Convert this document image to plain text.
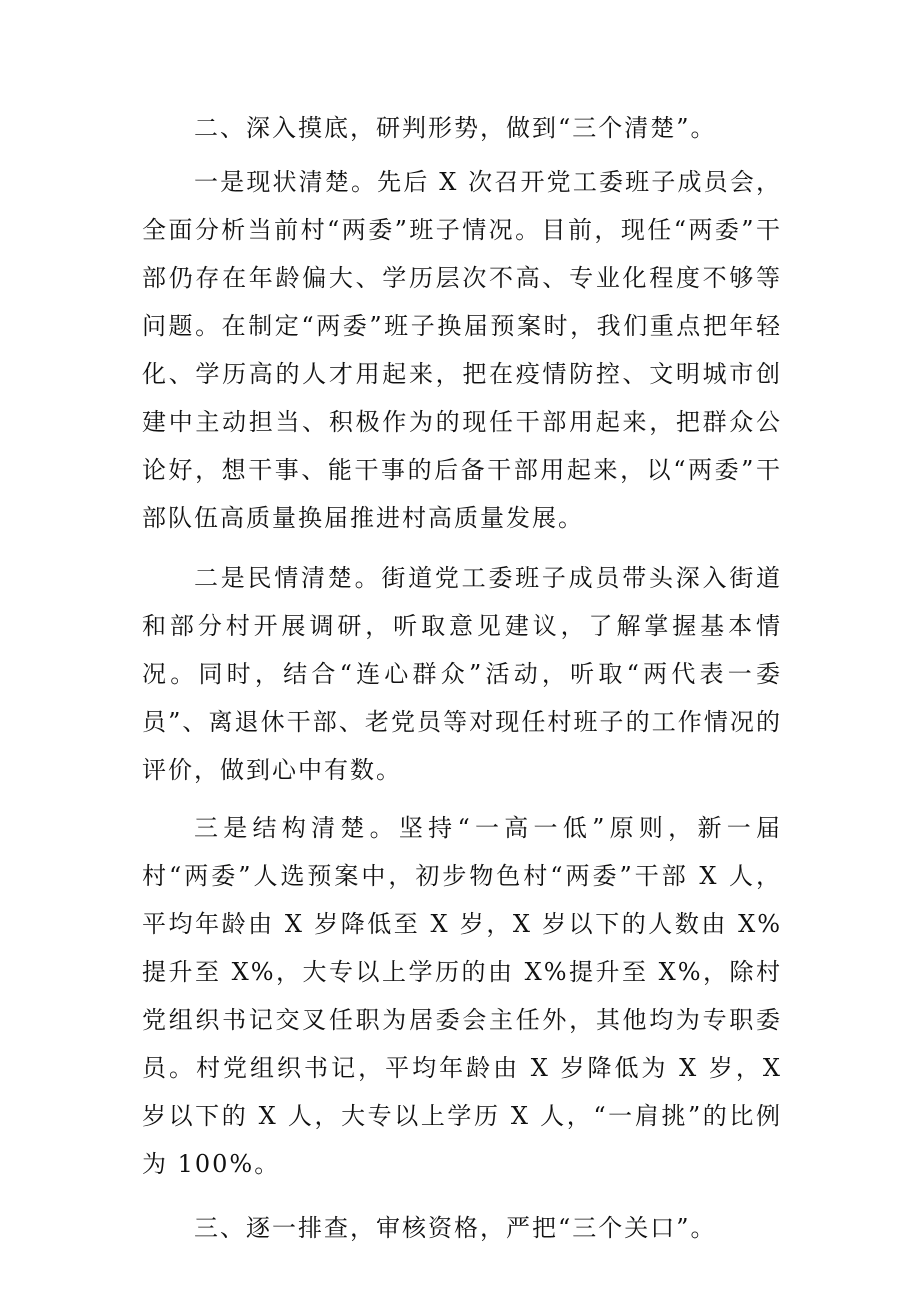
二、深入摸底，研判形势，做到“三个清楚”。

一是现状清楚。先后 X 次召开党工委班子成员会，全面分析当前村“两委”班子情况。目前，现任“两委”干部仍存在年龄偏大、学历层次不高、专业化程度不够等问题。在制定“两委”班子换届预案时，我们重点把年轻化、学历高的人才用起来，把在疫情防控、文明城市创建中主动担当、积极作为的现任干部用起来，把群众公论好，想干事、能干事的后备干部用起来，以“两委”干部队伍高质量换届推进村高质量发展。

二是民情清楚。街道党工委班子成员带头深入街道和部分村开展调研，听取意见建议，了解掌握基本情况。同时，结合“连心群众”活动，听取“两代表一委员”、离退休干部、老党员等对现任村班子的工作情况的评价，做到心中有数。

三是结构清楚。坚持“一高一低”原则，新一届村“两委”人选预案中，初步物色村“两委”干部 X 人，平均年龄由 X 岁降低至 X 岁，X 岁以下的人数由 X%提升至 X%，大专以上学历的由 X%提升至 X%，除村党组织书记交叉任职为居委会主任外，其他均为专职委员。村党组织书记，平均年龄由 X 岁降低为 X 岁，X 岁以下的 X 人，大专以上学历 X 人，“一肩挑”的比例为 100%。

三、逐一排查，审核资格，严把“三个关口”。
